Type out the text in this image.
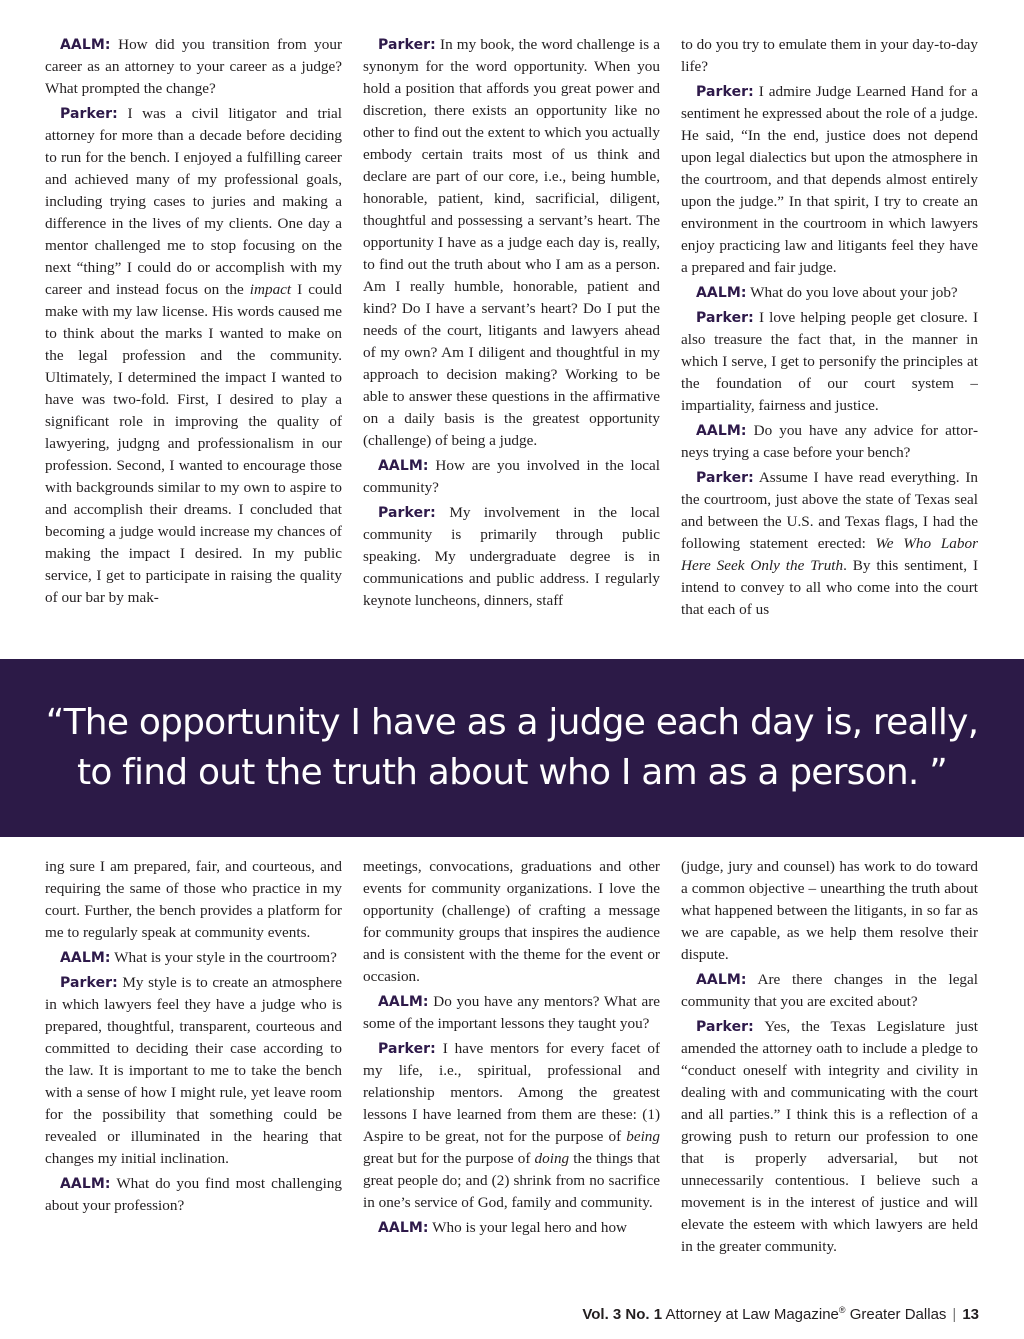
AALM: How did you transition from your career as an attorney to your career as a judge? What prompted the change?

Parker: I was a civil litigator and trial attorney for more than a decade before deciding to run for the bench. I enjoyed a fulfilling career and achieved many of my professional goals, including trying cases to juries and making a difference in the lives of my clients. One day a mentor challenged me to stop focusing on the next “thing” I could do or accomplish with my career and instead focus on the impact I could make with my law license. His words caused me to think about the marks I wanted to make on the legal profession and the community. Ultimately, I determined the impact I wanted to have was two-fold. First, I desired to play a significant role in improving the quality of lawyering, judgng and professionalism in our profession. Second, I wanted to encourage those with backgrounds similar to my own to aspire to and accomplish their dreams. I concluded that becoming a judge would increase my chances of making the impact I desired. In my public service, I get to participate in raising the quality of our bar by mak-

Parker: In my book, the word challenge is a synonym for the word opportunity. When you hold a position that affords you great power and discretion, there exists an opportunity like no other to find out the extent to which you actually embody certain traits most of us think and declare are part of our core, i.e., being humble, honorable, patient, kind, sacrificial, diligent, thoughtful and possessing a servant’s heart. The opportunity I have as a judge each day is, really, to find out the truth about who I am as a person. Am I really humble, honorable, patient and kind? Do I have a servant’s heart? Do I put the needs of the court, litigants and lawyers ahead of my own? Am I diligent and thoughtful in my approach to decision making? Working to be able to answer these questions in the affirmative on a daily basis is the greatest opportunity (challenge) of being a judge.

AALM: How are you involved in the local community?

Parker: My involvement in the local community is primarily through public speaking. My undergraduate degree is in communications and public address. I regularly keynote luncheons, dinners, staff

to do you try to emulate them in your day-to-day life?

Parker: I admire Judge Learned Hand for a sentiment he expressed about the role of a judge. He said, “In the end, justice does not depend upon legal dialectics but upon the atmosphere in the courtroom, and that depends almost entirely upon the judge.” In that spirit, I try to create an environment in the courtroom in which lawyers enjoy practicing law and litigants feel they have a prepared and fair judge.

AALM: What do you love about your job?

Parker: I love helping people get closure. I also treasure the fact that, in the manner in which I serve, I get to personify the principles at the foundation of our court system – impartiality, fairness and justice.

AALM: Do you have any advice for attorneys trying a case before your bench?

Parker: Assume I have read everything. In the courtroom, just above the state of Texas seal and between the U.S. and Texas flags, I had the following statement erected: We Who Labor Here Seek Only the Truth. By this sentiment, I intend to convey to all who come into the court that each of us

“The opportunity I have as a judge each day is, really,
to find out the truth about who I am as a person. ”

ing sure I am prepared, fair, and courteous, and requiring the same of those who practice in my court. Further, the bench provides a platform for me to regularly speak at community events.

AALM: What is your style in the courtroom?

Parker: My style is to create an atmosphere in which lawyers feel they have a judge who is prepared, thoughtful, transparent, courteous and committed to deciding their case according to the law. It is important to me to take the bench with a sense of how I might rule, yet leave room for the possibility that something could be revealed or illuminated in the hearing that changes my initial inclination.

AALM: What do you find most challenging about your profession?

meetings, convocations, graduations and other events for community organizations. I love the opportunity (challenge) of crafting a message for community groups that inspires the audience and is consistent with the theme for the event or occasion.

AALM: Do you have any mentors? What are some of the important lessons they taught you?

Parker: I have mentors for every facet of my life, i.e., spiritual, professional and relationship mentors. Among the greatest lessons I have learned from them are these: (1) Aspire to be great, not for the purpose of being great but for the purpose of doing the things that great people do; and (2) shrink from no sacrifice in one’s service of God, family and community.

AALM: Who is your legal hero and how

(judge, jury and counsel) has work to do toward a common objective – unearthing the truth about what happened between the litigants, in so far as we are capable, as we help them resolve their dispute.

AALM: Are there changes in the legal community that you are excited about?

Parker: Yes, the Texas Legislature just amended the attorney oath to include a pledge to “conduct oneself with integrity and civility in dealing with and communicating with the court and all parties.” I think this is a reflection of a growing push to return our profession to one that is properly adversarial, but not unnecessarily contentious. I believe such a movement is in the interest of justice and will elevate the esteem with which lawyers are held in the greater community.

Vol. 3 No. 1 Attorney at Law Magazine® Greater Dallas | 13
